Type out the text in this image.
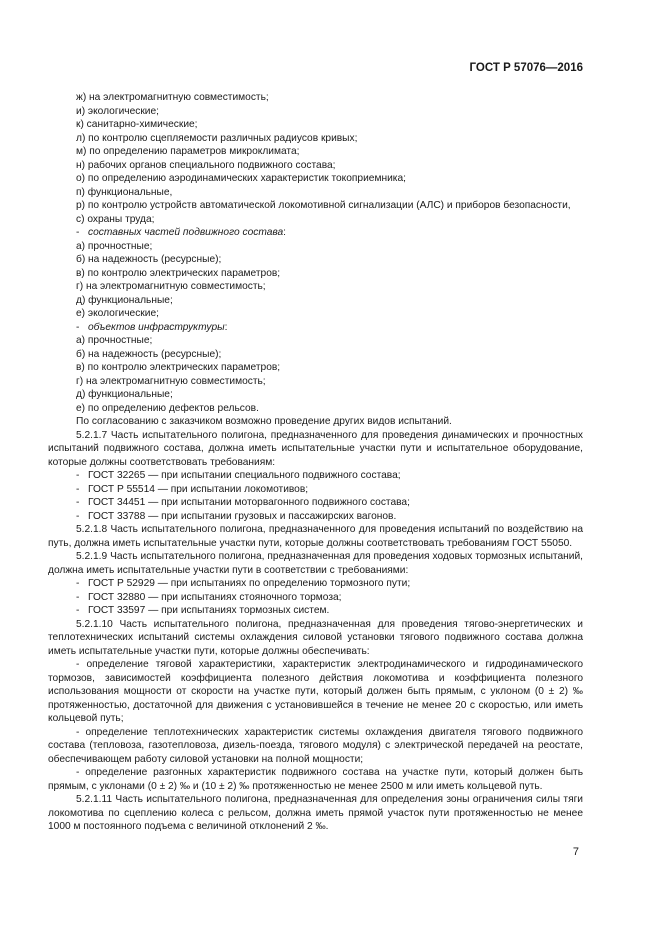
ГОСТ Р 57076—2016

ж) на электромагнитную совместимость;

и) экологические;

к) санитарно-химические;

л) по контролю сцепляемости различных радиусов кривых;

м) по определению параметров микроклимата;

н) рабочих органов специального подвижного состава;

о) по определению аэродинамических характеристик токоприемника;

п) функциональные,

р) по контролю устройств автоматической локомотивной сигнализации (АЛС) и приборов безопасности,

с) охраны труда;

- составных частей подвижного состава:

а) прочностные;

б) на надежность (ресурсные);

в) по контролю электрических параметров;

г) на электромагнитную совместимость;

д) функциональные;

е) экологические;

- объектов инфраструктуры:

а) прочностные;

б) на надежность (ресурсные);

в) по контролю электрических параметров;

г) на электромагнитную совместимость;

д) функциональные;

е) по определению дефектов рельсов.

По согласованию с заказчиком возможно проведение других видов испытаний.

5.2.1.7 Часть испытательного полигона, предназначенного для проведения динамических и прочностных испытаний подвижного состава, должна иметь испытательные участки пути и испытательное оборудование, которые должны соответствовать требованиям:

- ГОСТ 32265 — при испытании специального подвижного состава;

- ГОСТ Р 55514 — при испытании локомотивов;

- ГОСТ 34451 — при испытании моторвагонного подвижного состава;

- ГОСТ 33788 — при испытании грузовых и пассажирских вагонов.

5.2.1.8 Часть испытательного полигона, предназначенного для проведения испытаний по воздействию на путь, должна иметь испытательные участки пути, которые должны соответствовать требованиям ГОСТ 55050.

5.2.1.9 Часть испытательного полигона, предназначенная для проведения ходовых тормозных испытаний, должна иметь испытательные участки пути в соответствии с требованиями:

- ГОСТ Р 52929 — при испытаниях по определению тормозного пути;

- ГОСТ 32880 — при испытаниях стояночного тормоза;

- ГОСТ 33597 — при испытаниях тормозных систем.

5.2.1.10 Часть испытательного полигона, предназначенная для проведения тягово-энергетических и теплотехнических испытаний системы охлаждения силовой установки тягового подвижного состава должна иметь испытательные участки пути, которые должны обеспечивать:

- определение тяговой характеристики, характеристик электродинамического и гидродинамического тормозов, зависимостей коэффициента полезного действия локомотива и коэффициента полезного использования мощности от скорости на участке пути, который должен быть прямым, с уклоном (0 ± 2) ‰ протяженностью, достаточной для движения с установившейся в течение не менее 20 с скоростью, или иметь кольцевой путь;

- определение теплотехнических характеристик системы охлаждения двигателя тягового подвижного состава (тепловоза, газотепловоза, дизель-поезда, тягового модуля) с электрической передачей на реостате, обеспечивающем работу силовой установки на полной мощности;

- определение разгонных характеристик подвижного состава на участке пути, который должен быть прямым, с уклонами (0 ± 2) ‰ и (10 ± 2) ‰ протяженностью не менее 2500 м или иметь кольцевой путь.

5.2.1.11 Часть испытательного полигона, предназначенная для определения зоны ограничения силы тяги локомотива по сцеплению колеса с рельсом, должна иметь прямой участок пути протяженностью не менее 1000 м постоянного подъема с величиной отклонений 2 ‰.

7
